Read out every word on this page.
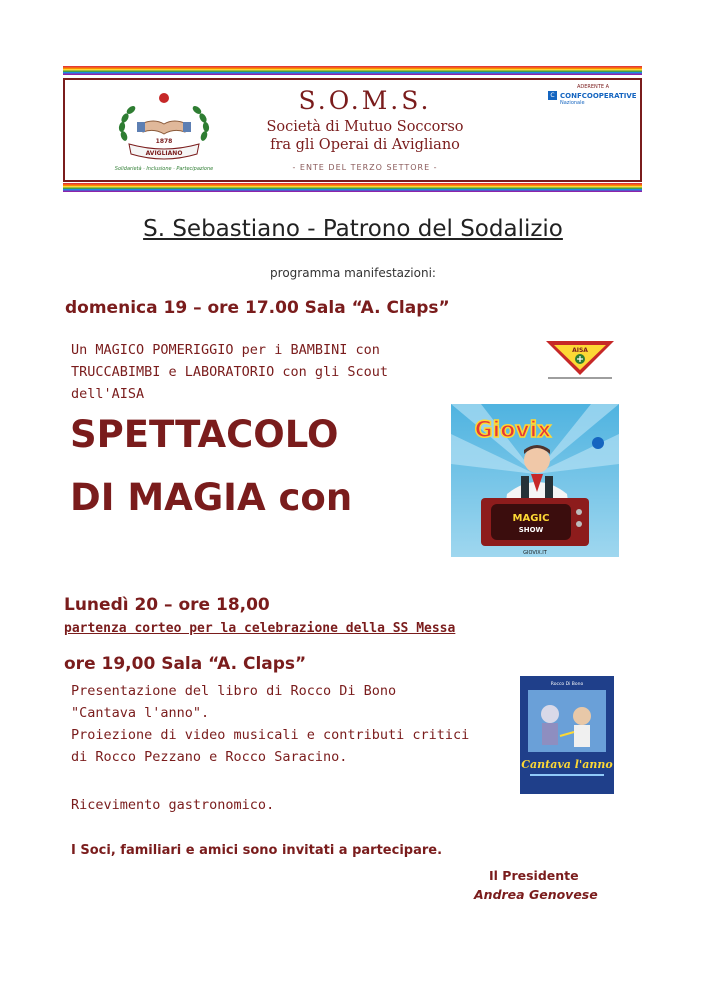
1878
AVIGLIANO
Solidarietà · Inclusione · Partecipazione
S.O.M.S.
Società di Mutuo Soccorso
fra gli Operai di Avigliano
- ENTE DEL TERZO SETTORE -
ADERENTE A
C CONFCOOPERATIVE
Nazionale
S. Sebastiano - Patrono del Sodalizio
programma manifestazioni:
domenica 19 – ore 17.00 Sala “A. Claps”
Un MAGICO POMERIGGIO per i BAMBINI con
TRUCCABIMBI e LABORATORIO con gli Scout
dell'AISA
AISA
SPETTACOLO
DI MAGIA con
Giovix
MAGIC
SHOW
GIOVIX.IT
Lunedì 20 – ore 18,00
partenza corteo per la celebrazione della SS Messa
ore 19,00 Sala “A. Claps”
Presentazione del libro di Rocco Di Bono
"Cantava l'anno".
Proiezione di video musicali e contributi critici
di Rocco Pezzano e Rocco Saracino.
Ricevimento gastronomico.
Rocco Di Bono
Cantava l'anno
I Soci, familiari e amici sono invitati a partecipare.
Il Presidente
Andrea Genovese
